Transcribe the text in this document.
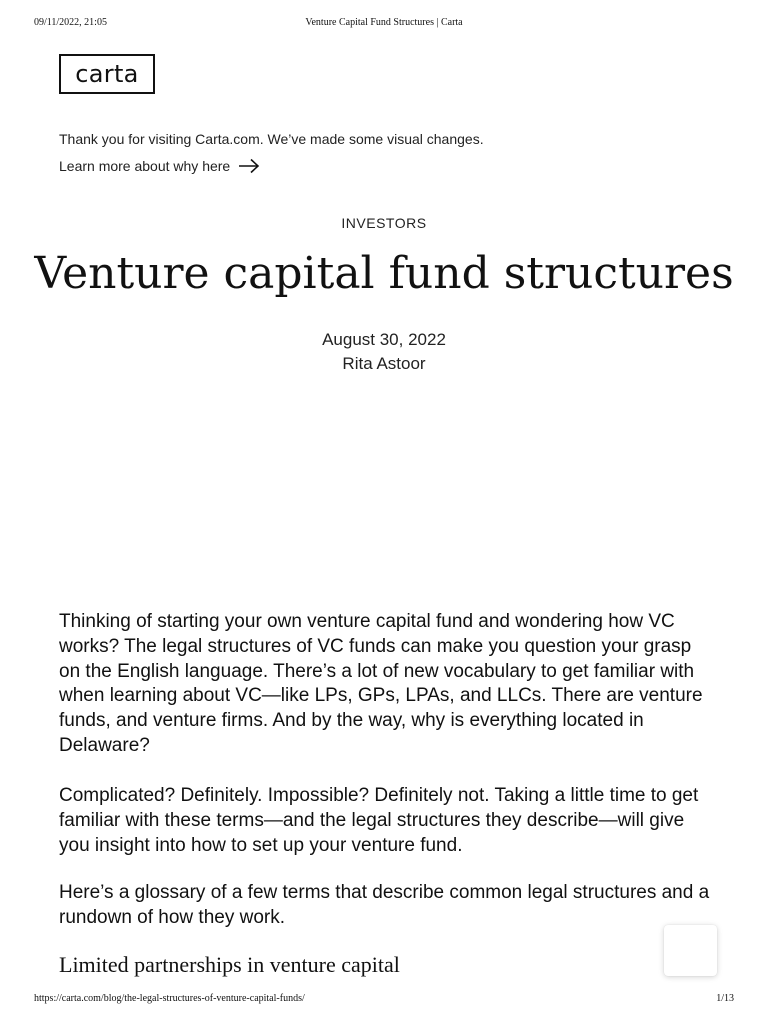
09/11/2022, 21:05	Venture Capital Fund Structures | Carta
carta
Thank you for visiting Carta.com. We’ve made some visual changes.
Learn more about why here
INVESTORS
Venture capital fund structures
August 30, 2022
Rita Astoor

Thinking of starting your own venture capital fund and wondering how VC works? The legal structures of VC funds can make you question your grasp on the English language. There’s a lot of new vocabulary to get familiar with when learning about VC—like LPs, GPs, LPAs, and LLCs. There are venture funds, and venture firms. And by the way, why is everything located in Delaware?

Complicated? Definitely. Impossible? Definitely not. Taking a little time to get familiar with these terms—and the legal structures they describe—will give you insight into how to set up your venture fund.

Here’s a glossary of a few terms that describe common legal structures and a rundown of how they work.

Limited partnerships in venture capital
https://carta.com/blog/the-legal-structures-of-venture-capital-funds/	1/13
